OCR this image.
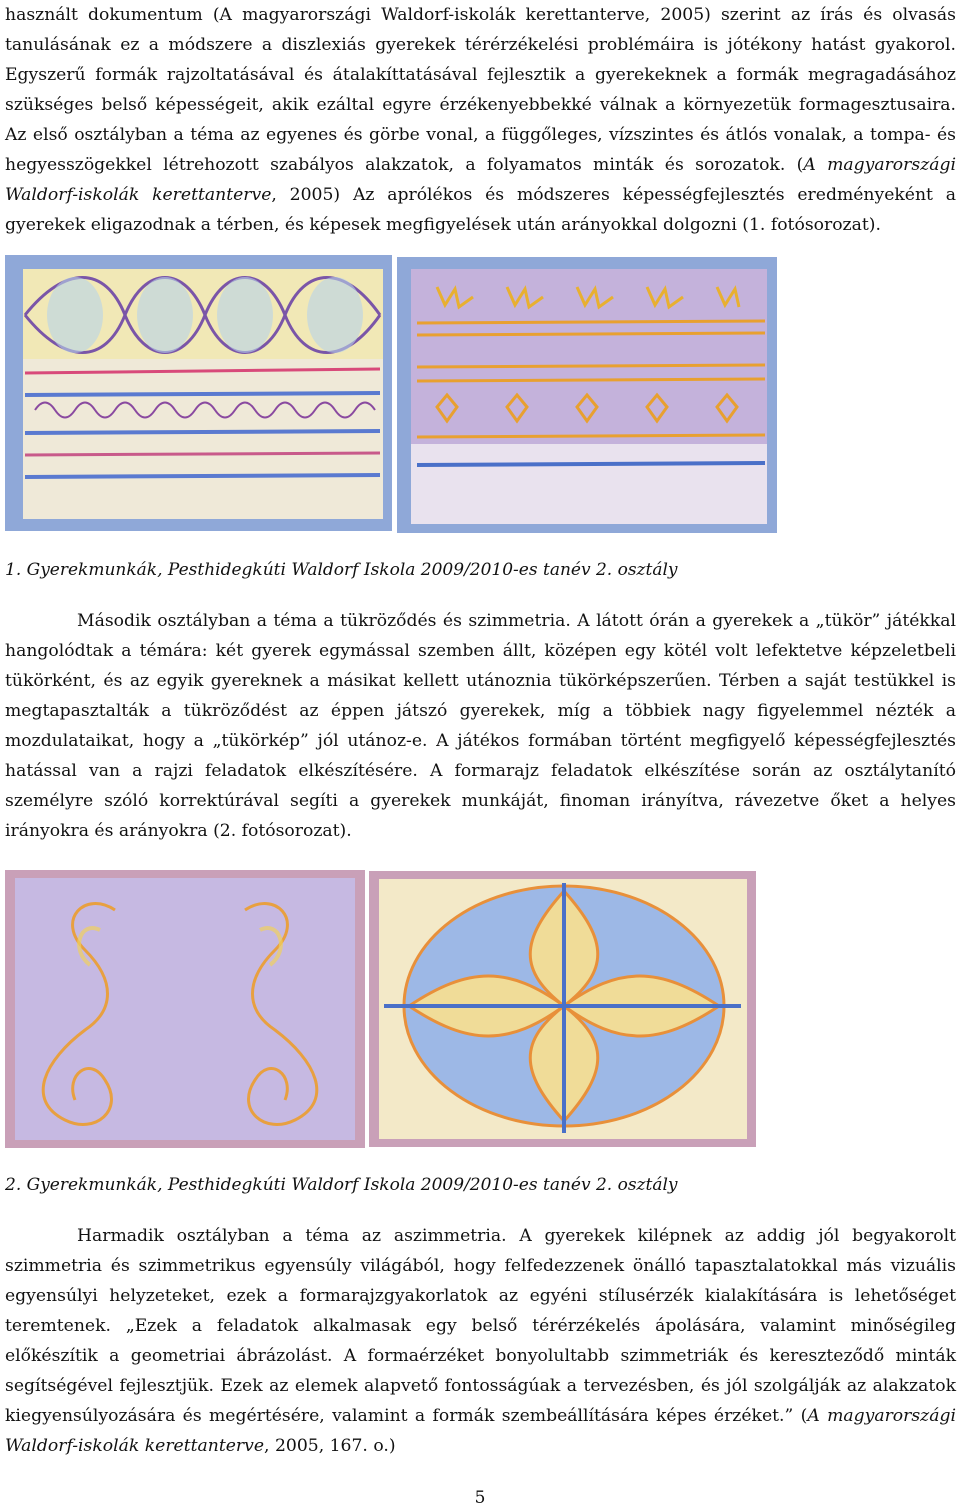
használt dokumentum (A magyarországi Waldorf-iskolák kerettanterve, 2005) szerint az írás és olvasás tanulásának ez a módszere a diszlexiás gyerekek térérzékelési problémáira is jótékony hatást gyakorol. Egyszerű formák rajzoltatásával és átalakíttatásával fejlesztik a gyerekeknek a formák megragadásához szükséges belső képességeit, akik ezáltal egyre érzékenyebbekké válnak a környezetük formagesztusaira. Az első osztályban a téma az egyenes és görbe vonal, a függőleges, vízszintes és átlós vonalak, a tompa- és hegyesszögekkel létrehozott szabályos alakzatok, a folyamatos minták és sorozatok. (A magyarországi Waldorf-iskolák kerettanterve, 2005) Az aprólékos és módszeres képességfejlesztés eredményeként a gyerekek eligazodnak a térben, és képesek megfigyelések után arányokkal dolgozni (1. fotósorozat).

1. Gyerekmunkák, Pesthidegkúti Waldorf Iskola 2009/2010-es tanév 2. osztály

Második osztályban a téma a tükröződés és szimmetria. A látott órán a gyerekek a „tükör” játékkal hangolódtak a témára: két gyerek egymással szemben állt, középen egy kötél volt lefektetve képzeletbeli tükörként, és az egyik gyereknek a másikat kellett utánoznia tükörképszerűen. Térben a saját testükkel is megtapasztalták a tükröződést az éppen játszó gyerekek, míg a többiek nagy figyelemmel nézték a mozdulataikat, hogy a „tükörkép” jól utánoz-e. A játékos formában történt megfigyelő képességfejlesztés hatással van a rajzi feladatok elkészítésére. A formarajz feladatok elkészítése során az osztálytanító személyre szóló korrektúrával segíti a gyerekek munkáját, finoman irányítva, rávezetve őket a helyes irányokra és arányokra (2. fotósorozat).

2. Gyerekmunkák, Pesthidegkúti Waldorf Iskola 2009/2010-es tanév 2. osztály

Harmadik osztályban a téma az aszimmetria. A gyerekek kilépnek az addig jól begyakorolt szimmetria és szimmetrikus egyensúly világából, hogy felfedezzenek önálló tapasztalatokkal más vizuális egyensúlyi helyzeteket, ezek a formarajzgyakorlatok az egyéni stílusérzék kialakítására is lehetőséget teremtenek. „Ezek a feladatok alkalmasak egy belső térérzékelés ápolására, valamint minőségileg előkészítik a geometriai ábrázolást. A formaérzéket bonyolultabb szimmetriák és kereszteződő minták segítségével fejlesztjük. Ezek az elemek alapvető fontosságúak a tervezésben, és jól szolgálják az alakzatok kiegyensúlyozására és megértésére, valamint a formák szembeállítására képes érzéket.” (A magyarországi Waldorf-iskolák kerettanterve, 2005, 167. o.)

5
